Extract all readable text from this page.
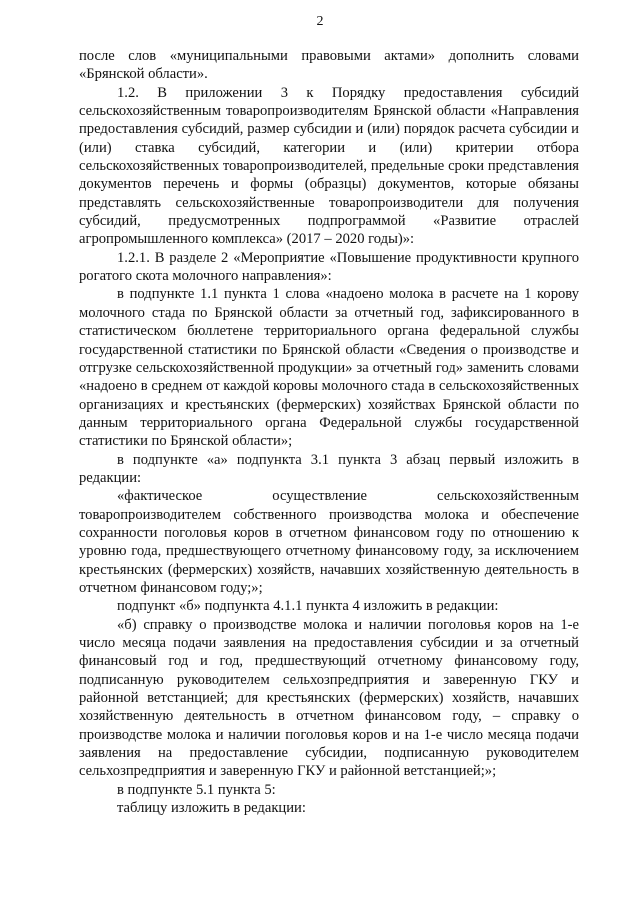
2

после слов «муниципальными правовыми актами» дополнить словами «Брянской области».

1.2. В приложении 3 к Порядку предоставления субсидий сельскохозяйственным товаропроизводителям Брянской области «Направления предоставления субсидий, размер субсидии и (или) порядок расчета субсидии и (или) ставка субсидий, категории и (или) критерии отбора сельскохозяйственных товаропроизводителей, предельные сроки представления документов перечень и формы (образцы) документов, которые обязаны представлять сельскохозяйственные товаропроизводители для получения субсидий, предусмотренных подпрограммой «Развитие отраслей агропромышленного комплекса» (2017 – 2020 годы)»:

1.2.1. В разделе 2 «Мероприятие «Повышение продуктивности крупного рогатого скота молочного направления»:

в подпункте 1.1 пункта 1 слова «надоено молока в расчете на 1 корову молочного стада по Брянской области за отчетный год, зафиксированного в статистическом бюллетене территориального органа федеральной службы государственной статистики по Брянской области «Сведения о производстве и отгрузке сельскохозяйственной продукции» за отчетный год» заменить словами «надоено в среднем от каждой коровы молочного стада в сельскохозяйственных организациях и крестьянских (фермерских) хозяйствах Брянской области по данным территориального органа Федеральной службы государственной статистики по Брянской области»;

в подпункте «а» подпункта 3.1 пункта 3 абзац первый изложить в редакции:

«фактическое осуществление сельскохозяйственным товаропроизводителем собственного производства молока и обеспечение сохранности поголовья коров в отчетном финансовом году по отношению к уровню года, предшествующего отчетному финансовому году, за исключением крестьянских (фермерских) хозяйств, начавших хозяйственную деятельность в отчетном финансовом году;»;

подпункт «б» подпункта 4.1.1 пункта 4 изложить в редакции:

«б) справку о производстве молока и наличии поголовья коров на 1-е число месяца подачи заявления на предоставления субсидии и за отчетный финансовый год и год, предшествующий отчетному финансовому году, подписанную руководителем сельхозпредприятия и заверенную ГКУ и районной ветстанцией; для крестьянских (фермерских) хозяйств, начавших хозяйственную деятельность в отчетном финансовом году, – справку о производстве молока и наличии поголовья коров и на 1-е число месяца подачи заявления на предоставление субсидии, подписанную руководителем сельхозпредприятия и заверенную ГКУ и районной ветстанцией;»;

в подпункте 5.1 пункта 5:

таблицу изложить в редакции:
